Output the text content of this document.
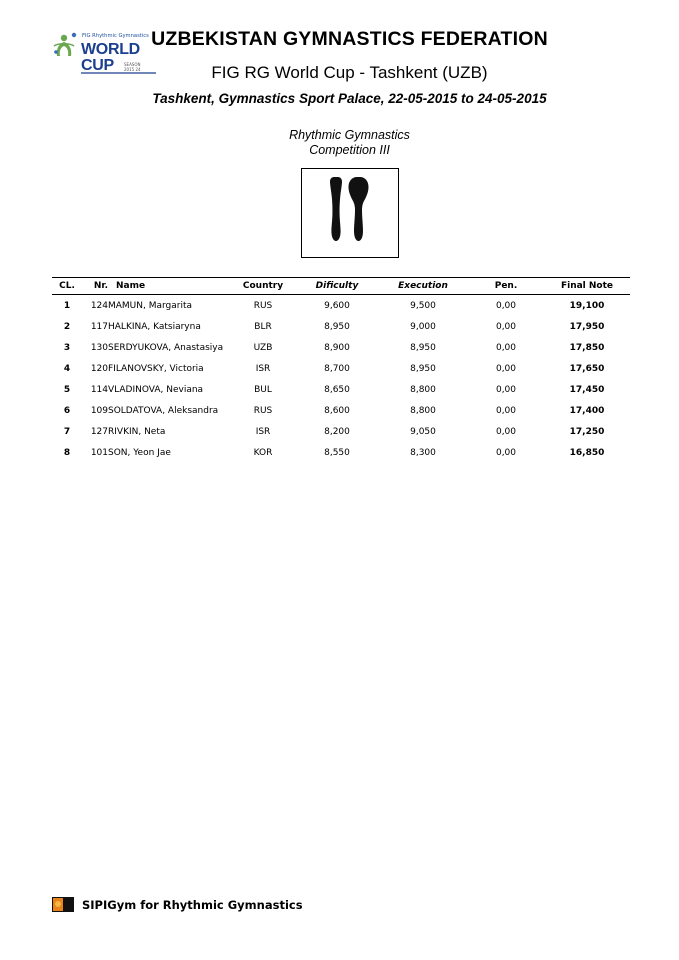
FIG Rhythmic Gymnastics
WORLD
CUP	SEASON
2015 24
UZBEKISTAN GYMNASTICS FEDERATION
FIG RG World Cup - Tashkent (UZB)
Tashkent, Gymnastics Sport Palace, 22-05-2015 to 24-05-2015
Rhythmic Gymnastics
Competition III
CL.	Nr.	Name	Country	Dificulty	Execution	Pen.	Final Note
1	124	MAMUN, Margarita	RUS	9,600	9,500	0,00	19,100
2	117	HALKINA, Katsiaryna	BLR	8,950	9,000	0,00	17,950
3	130	SERDYUKOVA, Anastasiya	UZB	8,900	8,950	0,00	17,850
4	120	FILANOVSKY, Victoria	ISR	8,700	8,950	0,00	17,650
5	114	VLADINOVA, Neviana	BUL	8,650	8,800	0,00	17,450
6	109	SOLDATOVA, Aleksandra	RUS	8,600	8,800	0,00	17,400
7	127	RIVKIN, Neta	ISR	8,200	9,050	0,00	17,250
8	101	SON, Yeon Jae	KOR	8,550	8,300	0,00	16,850
SIPIGym for Rhythmic Gymnastics
